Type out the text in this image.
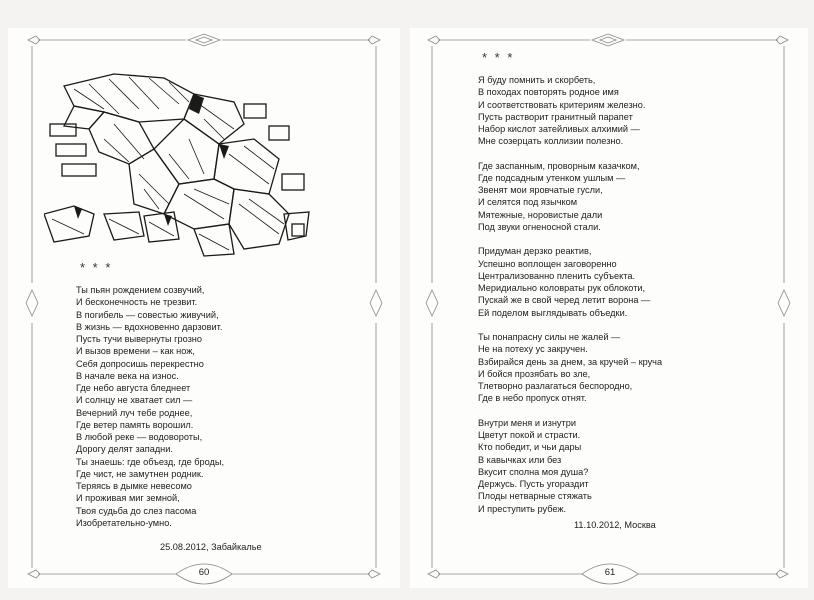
* * *
Ты пьян рождением созвучий,
И бесконечность не трезвит.
В погибель — совестью живучий,
В жизнь — вдохновенно дарзовит.
Пусть тучи вывернуты грозно
И вызов времени – как нож,
Себя допросишь перекрестно
В начале века на износ.
Где небо августа бледнеет
И солнцу не хватает сил —
Вечерний луч тебе роднее,
Где ветер память ворошил.
В любой реке — водовороты,
Дорогу делят западни.
Ты знаешь: где объезд, где броды,
Где чист, не замутнен родник.
Теряясь в дымке невесомо
И проживая миг земной,
Твоя судьба до слез пасома
Изобретательно-умно.
25.08.2012, Забайкалье
60
* * *
Я буду помнить и скорбеть,
В походах повторять родное имя
И соответствовать критериям железно.
Пусть растворит гранитный парапет
Набор кислот затейливых алхимий —
Мне созерцать коллизии полезно.
Где заспанным, проворным казачком,
Где подсадным утенком ушлым —
Звенят мои яровчатые гусли,
И селятся под язычком
Мятежные, норовистые дали
Под звуки огненосной стали.
Придуман дерзко реактив,
Успешно воплощен заговоренно
Централизованно пленить субъекта.
Меридиально коловраты рук облокоти,
Пускай же в свой черед летит ворона —
Ей поделом выглядывать объедки.
Ты понапрасну силы не жалей —
Не на потеху ус закручен.
Взбирайся день за днем, за кручей – круча
И бойся прозябать во зле,
Тлетворно разлагаться беспородно,
Где в небо пропуск отнят.
Внутри меня и изнутри
Цветут покой и страсти.
Кто победит, и чьи дары
В кавычках или без
Вкусит сполна моя душа?
Держусь. Пусть угораздит
Плоды нетварные стяжать
И преступить рубеж.
11.10.2012, Москва
61
